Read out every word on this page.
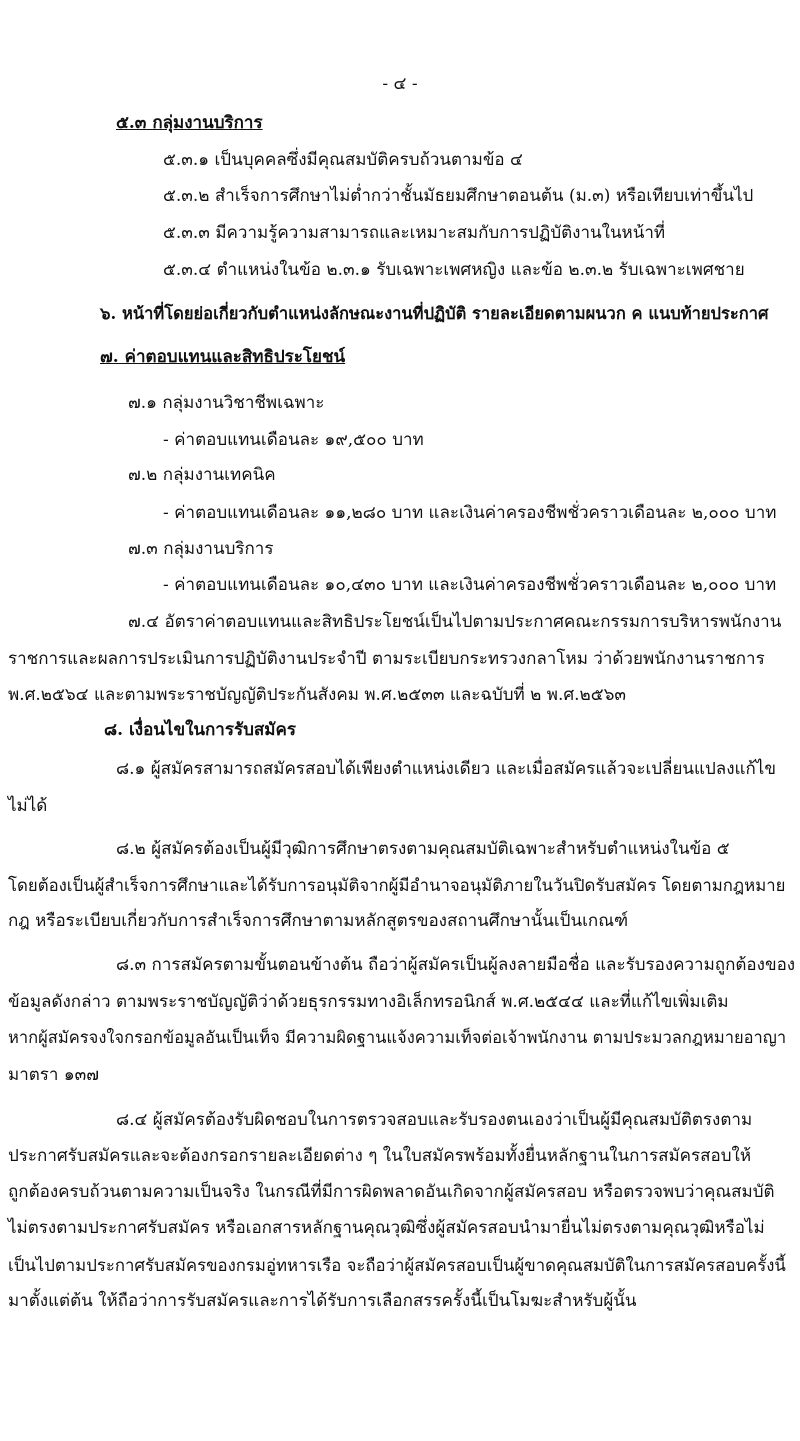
- ๔ -
๕.๓ กลุ่มงานบริการ
๕.๓.๑ เป็นบุคคลซึ่งมีคุณสมบัติครบถ้วนตามข้อ ๔
๕.๓.๒ สำเร็จการศึกษาไม่ต่ำกว่าชั้นมัธยมศึกษาตอนต้น (ม.๓) หรือเทียบเท่าขึ้นไป
๕.๓.๓ มีความรู้ความสามารถและเหมาะสมกับการปฏิบัติงานในหน้าที่
๕.๓.๔ ตำแหน่งในข้อ ๒.๓.๑ รับเฉพาะเพศหญิง และข้อ ๒.๓.๒ รับเฉพาะเพศชาย
๖. หน้าที่โดยย่อเกี่ยวกับตำแหน่งลักษณะงานที่ปฏิบัติ รายละเอียดตามผนวก ค แนบท้ายประกาศ
๗. ค่าตอบแทนและสิทธิประโยชน์
๗.๑ กลุ่มงานวิชาชีพเฉพาะ
- ค่าตอบแทนเดือนละ ๑๙,๕๐๐ บาท
๗.๒ กลุ่มงานเทคนิค
- ค่าตอบแทนเดือนละ ๑๑,๒๘๐ บาท และเงินค่าครองชีพชั่วคราวเดือนละ ๒,๐๐๐ บาท
๗.๓ กลุ่มงานบริการ
- ค่าตอบแทนเดือนละ ๑๐,๔๓๐ บาท และเงินค่าครองชีพชั่วคราวเดือนละ ๒,๐๐๐ บาท
๗.๔ อัตราค่าตอบแทนและสิทธิประโยชน์เป็นไปตามประกาศคณะกรรมการบริหารพนักงาน
ราชการและผลการประเมินการปฏิบัติงานประจำปี ตามระเบียบกระทรวงกลาโหม ว่าด้วยพนักงานราชการ
พ.ศ.๒๕๖๔ และตามพระราชบัญญัติประกันสังคม พ.ศ.๒๕๓๓ และฉบับที่ ๒ พ.ศ.๒๕๖๓
๘. เงื่อนไขในการรับสมัคร
๘.๑ ผู้สมัครสามารถสมัครสอบได้เพียงตำแหน่งเดียว และเมื่อสมัครแล้วจะเปลี่ยนแปลงแก้ไข
ไม่ได้
๘.๒ ผู้สมัครต้องเป็นผู้มีวุฒิการศึกษาตรงตามคุณสมบัติเฉพาะสำหรับตำแหน่งในข้อ ๕
โดยต้องเป็นผู้สำเร็จการศึกษาและได้รับการอนุมัติจากผู้มีอำนาจอนุมัติภายในวันปิดรับสมัคร โดยตามกฎหมาย
กฎ หรือระเบียบเกี่ยวกับการสำเร็จการศึกษาตามหลักสูตรของสถานศึกษานั้นเป็นเกณฑ์
๘.๓ การสมัครตามขั้นตอนข้างต้น ถือว่าผู้สมัครเป็นผู้ลงลายมือชื่อ และรับรองความถูกต้องของ
ข้อมูลดังกล่าว ตามพระราชบัญญัติว่าด้วยธุรกรรมทางอิเล็กทรอนิกส์ พ.ศ.๒๕๔๔ และที่แก้ไขเพิ่มเติม
หากผู้สมัครจงใจกรอกข้อมูลอันเป็นเท็จ มีความผิดฐานแจ้งความเท็จต่อเจ้าพนักงาน ตามประมวลกฎหมายอาญา
มาตรา ๑๓๗
๘.๔ ผู้สมัครต้องรับผิดชอบในการตรวจสอบและรับรองตนเองว่าเป็นผู้มีคุณสมบัติตรงตาม
ประกาศรับสมัครและจะต้องกรอกรายละเอียดต่าง ๆ ในใบสมัครพร้อมทั้งยื่นหลักฐานในการสมัครสอบให้
ถูกต้องครบถ้วนตามความเป็นจริง ในกรณีที่มีการผิดพลาดอันเกิดจากผู้สมัครสอบ หรือตรวจพบว่าคุณสมบัติ
ไม่ตรงตามประกาศรับสมัคร หรือเอกสารหลักฐานคุณวุฒิซึ่งผู้สมัครสอบนำมายื่นไม่ตรงตามคุณวุฒิหรือไม่
เป็นไปตามประกาศรับสมัครของกรมอู่ทหารเรือ จะถือว่าผู้สมัครสอบเป็นผู้ขาดคุณสมบัติในการสมัครสอบครั้งนี้
มาตั้งแต่ต้น ให้ถือว่าการรับสมัครและการได้รับการเลือกสรรครั้งนี้เป็นโมฆะสำหรับผู้นั้น
